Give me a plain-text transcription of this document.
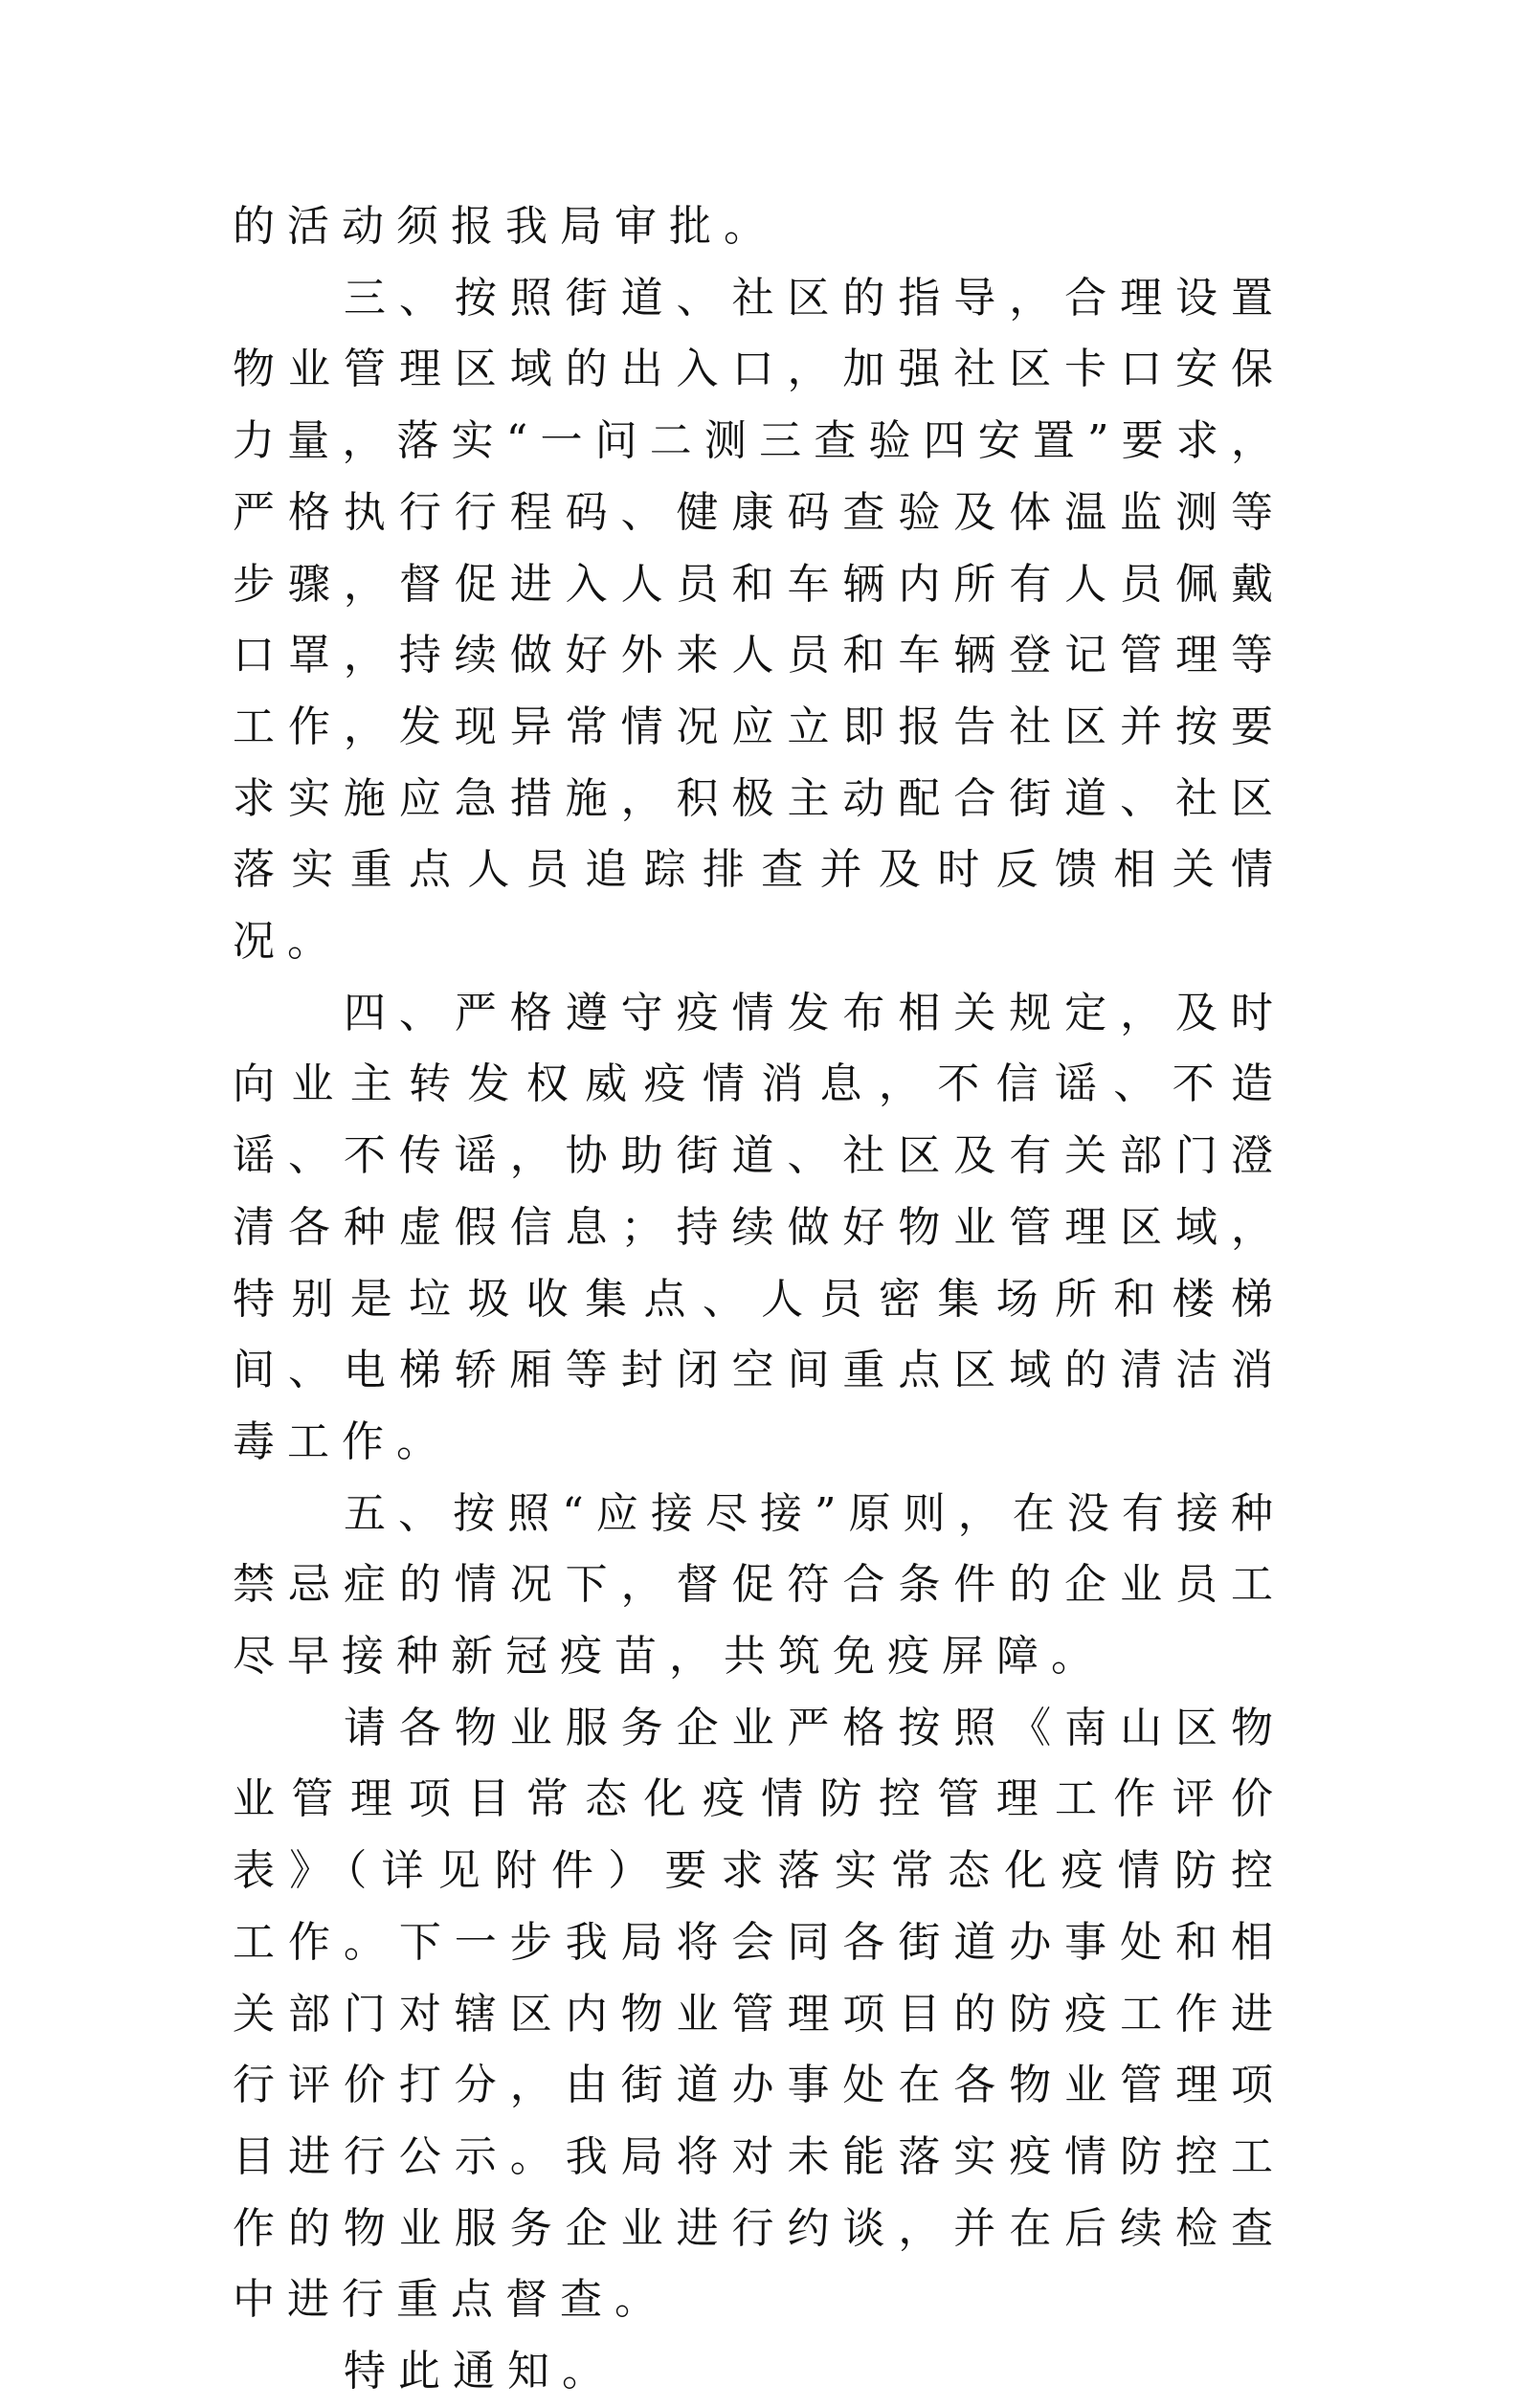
的活动须报我局审批。

三、按照街道、社区的指导，合理设置物业管理区域的出入口，加强社区卡口安保力量，落实“一问二测三查验四安置”要求，严格执行行程码、健康码查验及体温监测等步骤，督促进入人员和车辆内所有人员佩戴口罩，持续做好外来人员和车辆登记管理等工作，发现异常情况应立即报告社区并按要求实施应急措施，积极主动配合街道、社区落实重点人员追踪排查并及时反馈相关情况。

四、严格遵守疫情发布相关规定，及时向业主转发权威疫情消息，不信谣、不造谣、不传谣，协助街道、社区及有关部门澄清各种虚假信息；持续做好物业管理区域，特别是垃圾收集点、人员密集场所和楼梯间、电梯轿厢等封闭空间重点区域的清洁消毒工作。

五、按照“应接尽接”原则，在没有接种禁忌症的情况下，督促符合条件的企业员工尽早接种新冠疫苗，共筑免疫屏障。

请各物业服务企业严格按照《南山区物业管理项目常态化疫情防控管理工作评价表》（详见附件）要求落实常态化疫情防控工作。下一步我局将会同各街道办事处和相关部门对辖区内物业管理项目的防疫工作进行评价打分，由街道办事处在各物业管理项目进行公示。我局将对未能落实疫情防控工作的物业服务企业进行约谈，并在后续检查中进行重点督查。

特此通知。
